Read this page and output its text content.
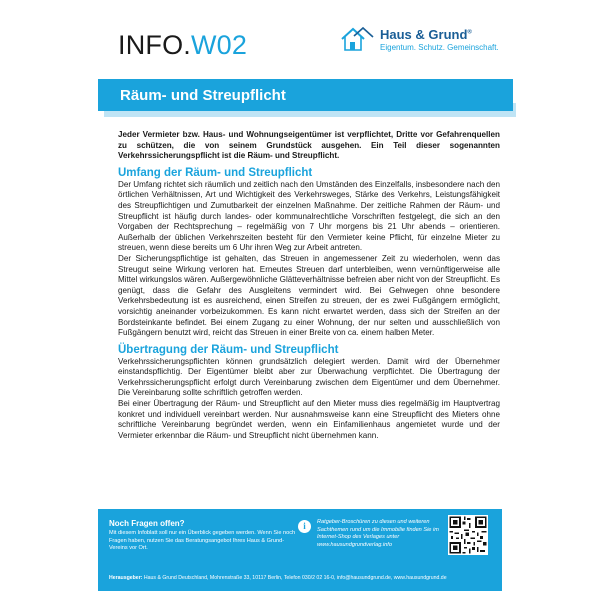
INFO.W02	Haus & Grund®
Eigentum. Schutz. Gemeinschaft.
Räum- und Streupflicht

Jeder Vermieter bzw. Haus- und Wohnungseigentümer ist verpflichtet, Dritte vor Gefahrenquellen zu schützen, die von seinem Grundstück ausgehen. Ein Teil dieser sogenannten Verkehrssicherungspflicht ist die Räum- und Streupflicht.

Umfang der Räum- und Streupflicht

Der Umfang richtet sich räumlich und zeitlich nach den Umständen des Einzelfalls, insbesondere nach den örtlichen Verhältnissen, Art und Wichtigkeit des Verkehrsweges, Stärke des Verkehrs, Leistungsfähigkeit des Streupflichtigen und Zumutbarkeit der einzelnen Maßnahme. Der zeitliche Rahmen der Räum- und Streupflicht ist häufig durch landes- oder kommunalrechtliche Vorschriften festgelegt, die sich an den Vorgaben der Rechtsprechung – regelmäßig von 7 Uhr morgens bis 21 Uhr abends – orientieren. Außerhalb der üblichen Verkehrszeiten besteht für den Vermieter keine Pflicht, für einzelne Mieter zu streuen, wenn diese bereits um 6 Uhr ihren Weg zur Arbeit antreten.

Der Sicherungspflichtige ist gehalten, das Streuen in angemessener Zeit zu wiederholen, wenn das Streugut seine Wirkung verloren hat. Erneutes Streuen darf unterbleiben, wenn vernünftigerweise alle Mittel wirkungslos wären. Außergewöhnliche Glätteverhältnisse befreien aber nicht von der Streupflicht. Es genügt, dass die Gefahr des Ausgleitens vermindert wird. Bei Gehwegen ohne besondere Verkehrsbedeutung ist es ausreichend, einen Streifen zu streuen, der es zwei Fußgängern ermöglicht, vorsichtig aneinander vorbeizukommen. Es kann nicht erwartet werden, dass sich der Streifen an der Bordsteinkante befindet. Bei einem Zugang zu einer Wohnung, der nur selten und ausschließlich von Fußgängern benutzt wird, reicht das Streuen in einer Breite von ca. einem halben Meter.

Übertragung der Räum- und Streupflicht

Verkehrssicherungspflichten können grundsätzlich delegiert werden. Damit wird der Übernehmer einstandspflichtig. Der Eigentümer bleibt aber zur Überwachung verpflichtet. Die Übertragung der Verkehrssicherungspflicht erfolgt durch Vereinbarung zwischen dem Eigentümer und dem Übernehmer. Die Vereinbarung sollte schriftlich getroffen werden.

Bei einer Übertragung der Räum- und Streupflicht auf den Mieter muss dies regelmäßig im Hauptvertrag konkret und individuell vereinbart werden. Nur ausnahmsweise kann eine Streupflicht des Mieters ohne schriftliche Vereinbarung begründet werden, wenn ein Einfamilienhaus angemietet wurde und der Vermieter erkennbar die Räum- und Streupflicht nicht übernehmen kann.

Noch Fragen offen?
Mit diesem Infoblatt soll nur ein Überblick gegeben werden. Wenn Sie noch Fragen haben, nutzen Sie das Beratungsangebot Ihres Haus & Grund-Vereins vor Ort.
i	Ratgeber-Broschüren zu diesen und weiteren Sachthemen rund um die Immobilie finden Sie im Internet-Shop des Verlages unter www.hausundgrundverlag.info
Herausgeber: Haus & Grund Deutschland, Mohrenstraße 33, 10117 Berlin, Telefon 030/2 02 16-0, info@hausundgrund.de, www.hausundgrund.de
